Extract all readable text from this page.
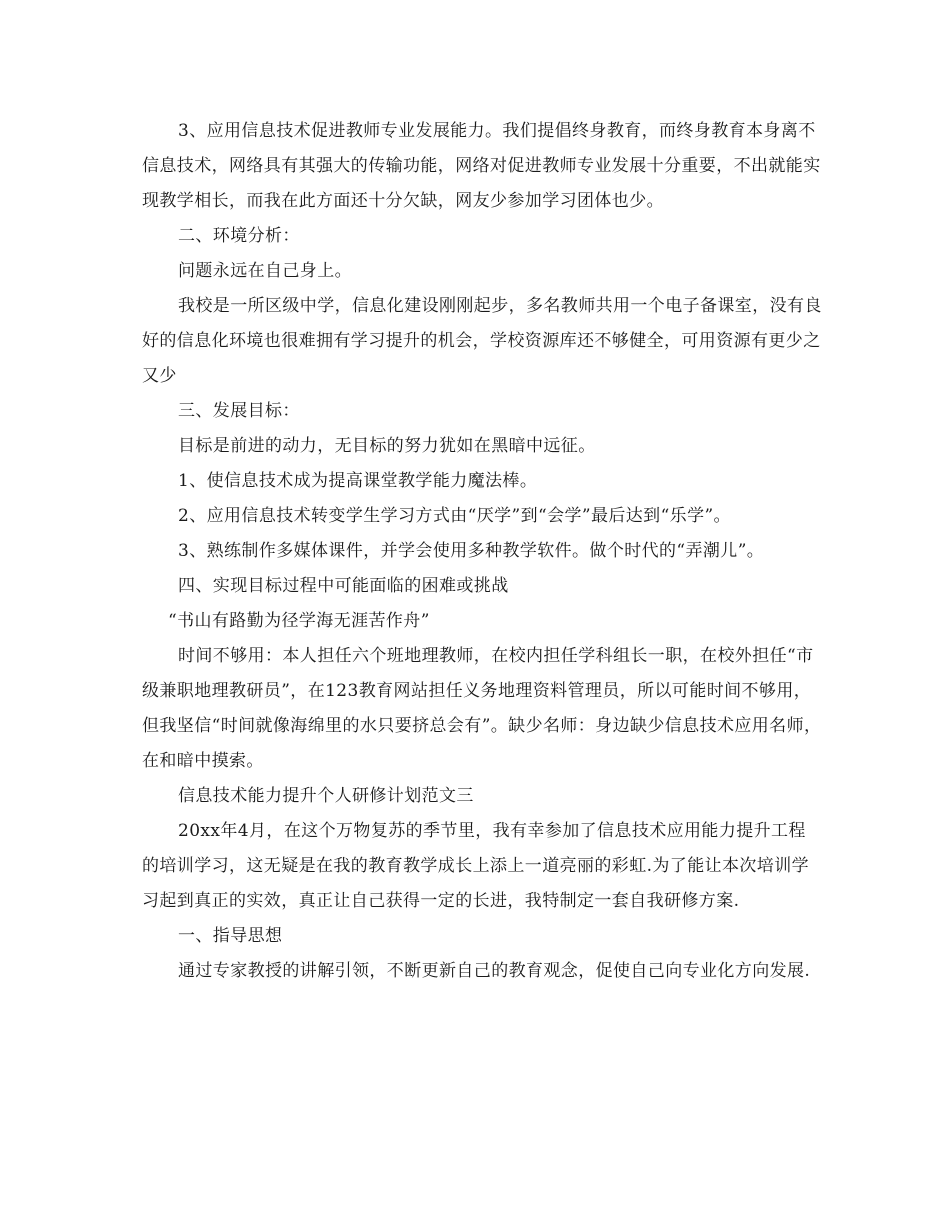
3、应用信息技术促进教师专业发展能力。我们提倡终身教育，而终身教育本身离不信息技术，网络具有其强大的传输功能，网络对促进教师专业发展十分重要，不出就能实现教学相长，而我在此方面还十分欠缺，网友少参加学习团体也少。

二、环境分析：

问题永远在自己身上。

我校是一所区级中学，信息化建设刚刚起步，多名教师共用一个电子备课室，没有良好的信息化环境也很难拥有学习提升的机会，学校资源库还不够健全，可用资源有更少之又少

三、发展目标：

目标是前进的动力，无目标的努力犹如在黑暗中远征。

1、使信息技术成为提高课堂教学能力魔法棒。

2、应用信息技术转变学生学习方式由“厌学”到“会学”最后达到“乐学”。

3、熟练制作多媒体课件，并学会使用多种教学软件。做个时代的“弄潮儿”。

四、实现目标过程中可能面临的困难或挑战

“书山有路勤为径学海无涯苦作舟”

时间不够用：本人担任六个班地理教师，在校内担任学科组长一职，在校外担任“市级兼职地理教研员”，在123教育网站担任义务地理资料管理员，所以可能时间不够用，但我坚信“时间就像海绵里的水只要挤总会有”。缺少名师：身边缺少信息技术应用名师，在和暗中摸索。

信息技术能力提升个人研修计划范文三

20xx年4月，在这个万物复苏的季节里，我有幸参加了信息技术应用能力提升工程的培训学习，这无疑是在我的教育教学成长上添上一道亮丽的彩虹.为了能让本次培训学习起到真正的实效，真正让自己获得一定的长进，我特制定一套自我研修方案.

一、指导思想

通过专家教授的讲解引领，不断更新自己的教育观念，促使自己向专业化方向发展.
